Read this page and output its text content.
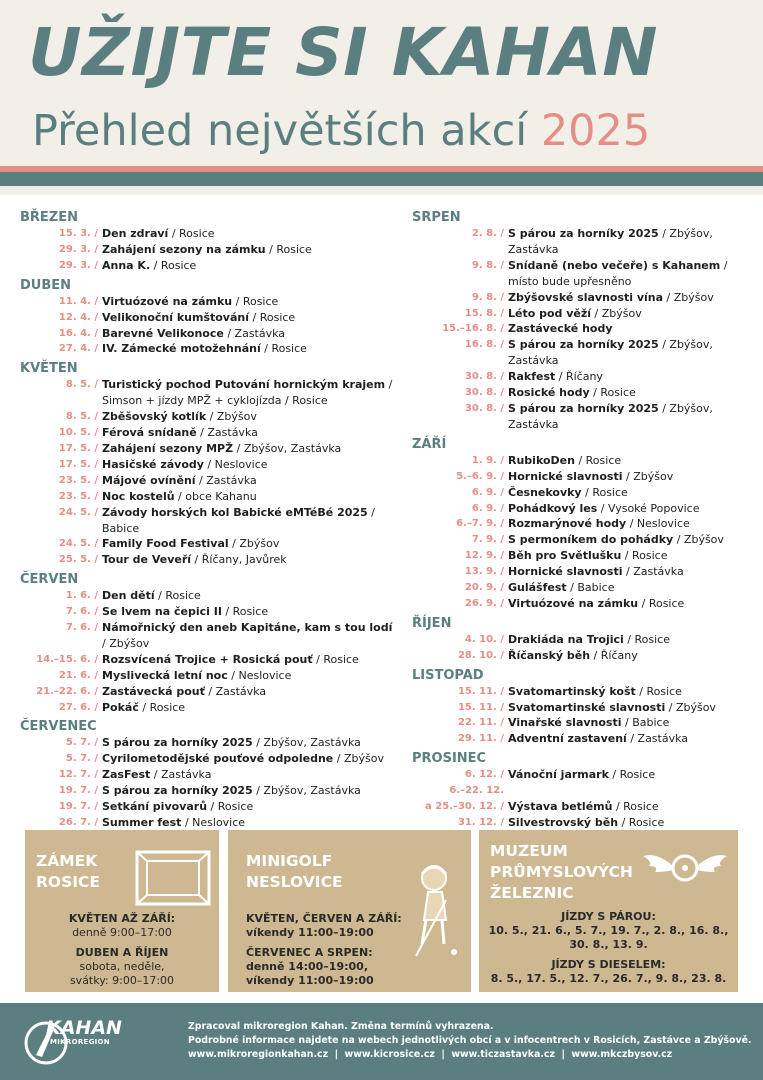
UŽIJTE SI KAHAN
Přehled největších akcí 2025
BŘEZEN
15. 3. / Den zdraví / Rosice
29. 3. / Zahájení sezony na zámku / Rosice
29. 3. / Anna K. / Rosice
DUBEN
11. 4. / Virtuózové na zámku / Rosice
12. 4. / Velikonoční kumštování / Rosice
16. 4. / Barevné Velikonoce / Zastávka
27. 4. / IV. Zámecké motožehnání / Rosice
KVĚTEN
8. 5. / Turistický pochod Putování hornickým krajem / Simson + jízdy MPŽ + cyklojízda / Rosice
8. 5. / Zběšovský kotlík / Zbýšov
10. 5. / Férová snídaně / Zastávka
17. 5. / Zahájení sezony MPŽ / Zbýšov, Zastávka
17. 5. / Hasičské závody / Neslovice
23. 5. / Májové ovínění / Zastávka
23. 5. / Noc kostelů / obce Kahanu
24. 5. / Závody horských kol Babické eMTéBé 2025 / Babice
24. 5. / Family Food Festival / Zbýšov
25. 5. / Tour de Veveří / Říčany, Javůrek
ČERVEN
1. 6. / Den dětí / Rosice
7. 6. / Se lvem na čepici II / Rosice
7. 6. / Námořnický den aneb Kapitáne, kam s tou lodí / Zbýšov
14.–15. 6. / Rozsvícená Trojice + Rosická pouť / Rosice
21. 6. / Myslivecká letní noc / Neslovice
21.–22. 6. / Zastávecká pouť / Zastávka
27. 6. / Pokáč / Rosice
ČERVENEC
5. 7. / S párou za horníky 2025 / Zbýšov, Zastávka
5. 7. / Cyrilometodějské pouťové odpoledne / Zbýšov
12. 7. / ZasFest / Zastávka
19. 7. / S párou za horníky 2025 / Zbýšov, Zastávka
19. 7. / Setkání pivovarů / Rosice
26. 7. / Summer fest / Neslovice
SRPEN
2. 8. / S párou za horníky 2025 / Zbýšov, Zastávka
9. 8. / Snídaně (nebo večeře) s Kahanem / místo bude upřesněno
9. 8. / Zbýšovské slavnosti vína / Zbýšov
15. 8. / Léto pod věží / Zbýšov
15.–16. 8. / Zastávecké hody
16. 8. / S párou za horníky 2025 / Zbýšov, Zastávka
30. 8. / Rakfest / Říčany
30. 8. / Rosické hody / Rosice
30. 8. / S párou za horníky 2025 / Zbýšov, Zastávka
ZÁŘÍ
1. 9. / RubikoDen / Rosice
5.–6. 9. / Hornické slavnosti / Zbýšov
6. 9. / Česnekovky / Rosice
6. 9. / Pohádkový les / Vysoké Popovice
6.–7. 9. / Rozmarýnové hody / Neslovice
7. 9. / S permoníkem do pohádky / Zbýšov
12. 9. / Běh pro Světlušku / Rosice
13. 9. / Hornické slavnosti / Zastávka
20. 9. / Gulášfest / Babice
26. 9. / Virtuózové na zámku / Rosice
ŘÍJEN
4. 10. / Drakiáda na Trojici / Rosice
28. 10. / Říčanský běh / Říčany
LISTOPAD
15. 11. / Svatomartinský košt / Rosice
15. 11. / Svatomartinské slavnosti / Zbýšov
22. 11. / Vinařské slavnosti / Babice
29. 11. / Adventní zastavení / Zastávka
PROSINEC
6. 12. / Vánoční jarmark / Rosice
6.–22. 12.
a 25.–30. 12. / Výstava betlémů / Rosice
31. 12. / Silvestrovský běh / Rosice
ZÁMEK
ROSICE
KVĚTEN AŽ ZÁŘÍ:
denně 9:00–17:00
DUBEN A ŘÍJEN
sobota, neděle,
svátky: 9:00–17:00
MINIGOLF
NESLOVICE
KVĚTEN, ČERVEN A ZÁŘÍ:
víkendy 11:00–19:00
ČERVENEC A SRPEN:
denně 14:00–19:00,
víkendy 11:00–19:00
MUZEUM
PRŮMYSLOVÝCH
ŽELEZNIC
JÍZDY S PÁROU:
10. 5., 21. 6., 5. 7., 19. 7., 2. 8., 16. 8.,
30. 8., 13. 9.
JÍZDY S DIESELEM:
8. 5., 17. 5., 12. 7., 26. 7., 9. 8., 23. 8.
KAHAN
MIKROREGION
Zpracoval mikroregion Kahan. Změna termínů vyhrazena.
Podrobné informace najdete na webech jednotlivých obcí a v infocentrech v Rosicích, Zastávce a Zbýšově.
www.mikroregionkahan.cz  |  www.kicrosice.cz  |  www.ticzastavka.cz  |  www.mkczbysov.cz
